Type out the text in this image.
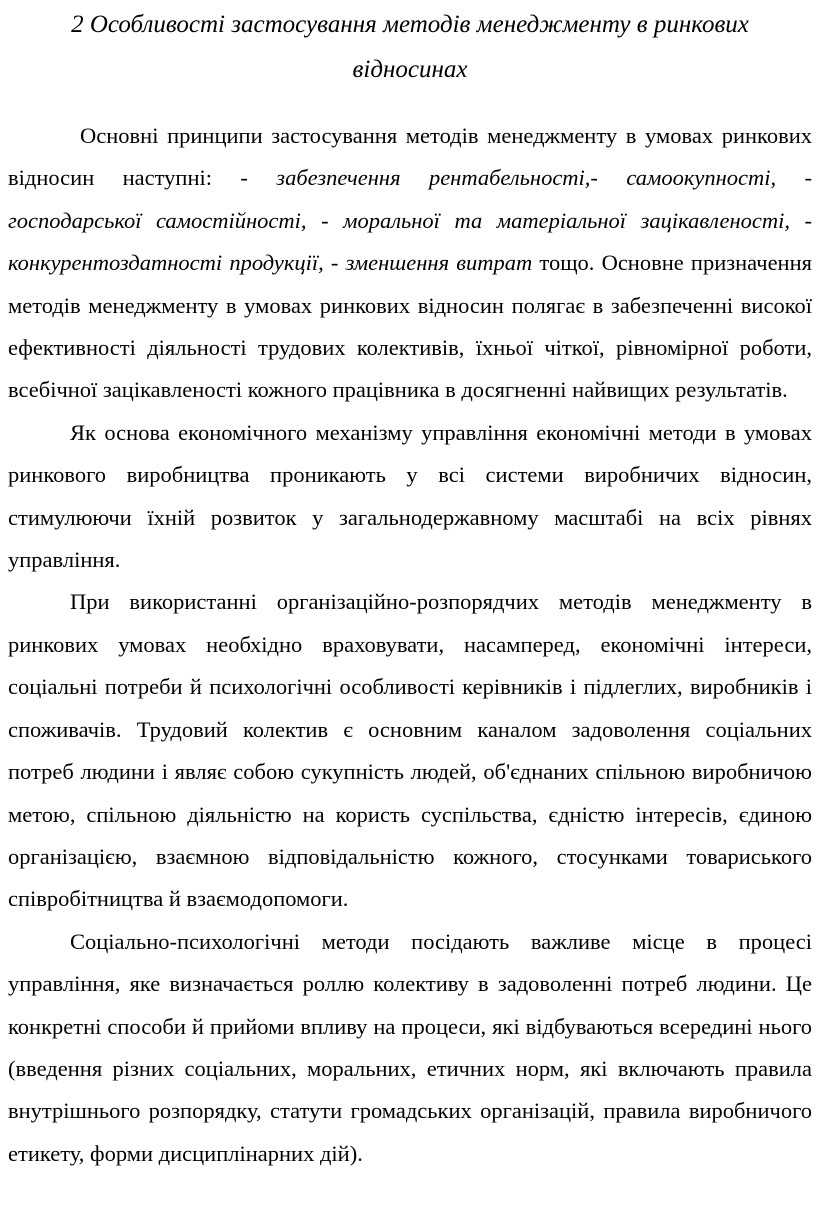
2 Особливості застосування методів менеджменту в ринкових
відносинах

Основні принципи застосування методів менеджменту в умовах ринкових відносин наступні: - забезпечення рентабельності,- самоокупності, - господарської самостійності, - моральної та матеріальної зацікавленості, - конкурентоздатності продукції, - зменшення витрат тощо. Основне призначення методів менеджменту в умовах ринкових відносин полягає в забезпеченні високої ефективності діяльності трудових колективів, їхньої чіткої, рівномірної роботи, всебічної зацікавленості кожного працівника в досягненні найвищих результатів.

Як основа економічного механізму управління економічні методи в умовах ринкового виробництва проникають у всі системи виробничих відносин, стимулюючи їхній розвиток у загальнодержавному масштабі на всіх рівнях управління.

При використанні організаційно-розпорядчих методів менеджменту в ринкових умовах необхідно враховувати, насамперед, економічні інтереси, соціальні потреби й психологічні особливості керівників і підлеглих, виробників і споживачів. Трудовий колектив є основним каналом задоволення соціальних потреб людини і являє собою сукупність людей, об'єднаних спільною виробничою метою, спільною діяльністю на користь суспільства, єдністю інтересів, єдиною організацією, взаємною відповідальністю кожного, стосунками товариського співробітництва й взаємодопомоги.

Соціально-психологічні методи посідають важливе місце в процесі управління, яке визначається роллю колективу в задоволенні потреб людини. Це конкретні способи й прийоми впливу на процеси, які відбуваються всередині нього (введення різних соціальних, моральних, етичних норм, які включають правила внутрішнього розпорядку, статути громадських організацій, правила виробничого етикету, форми дисциплінарних дій).
